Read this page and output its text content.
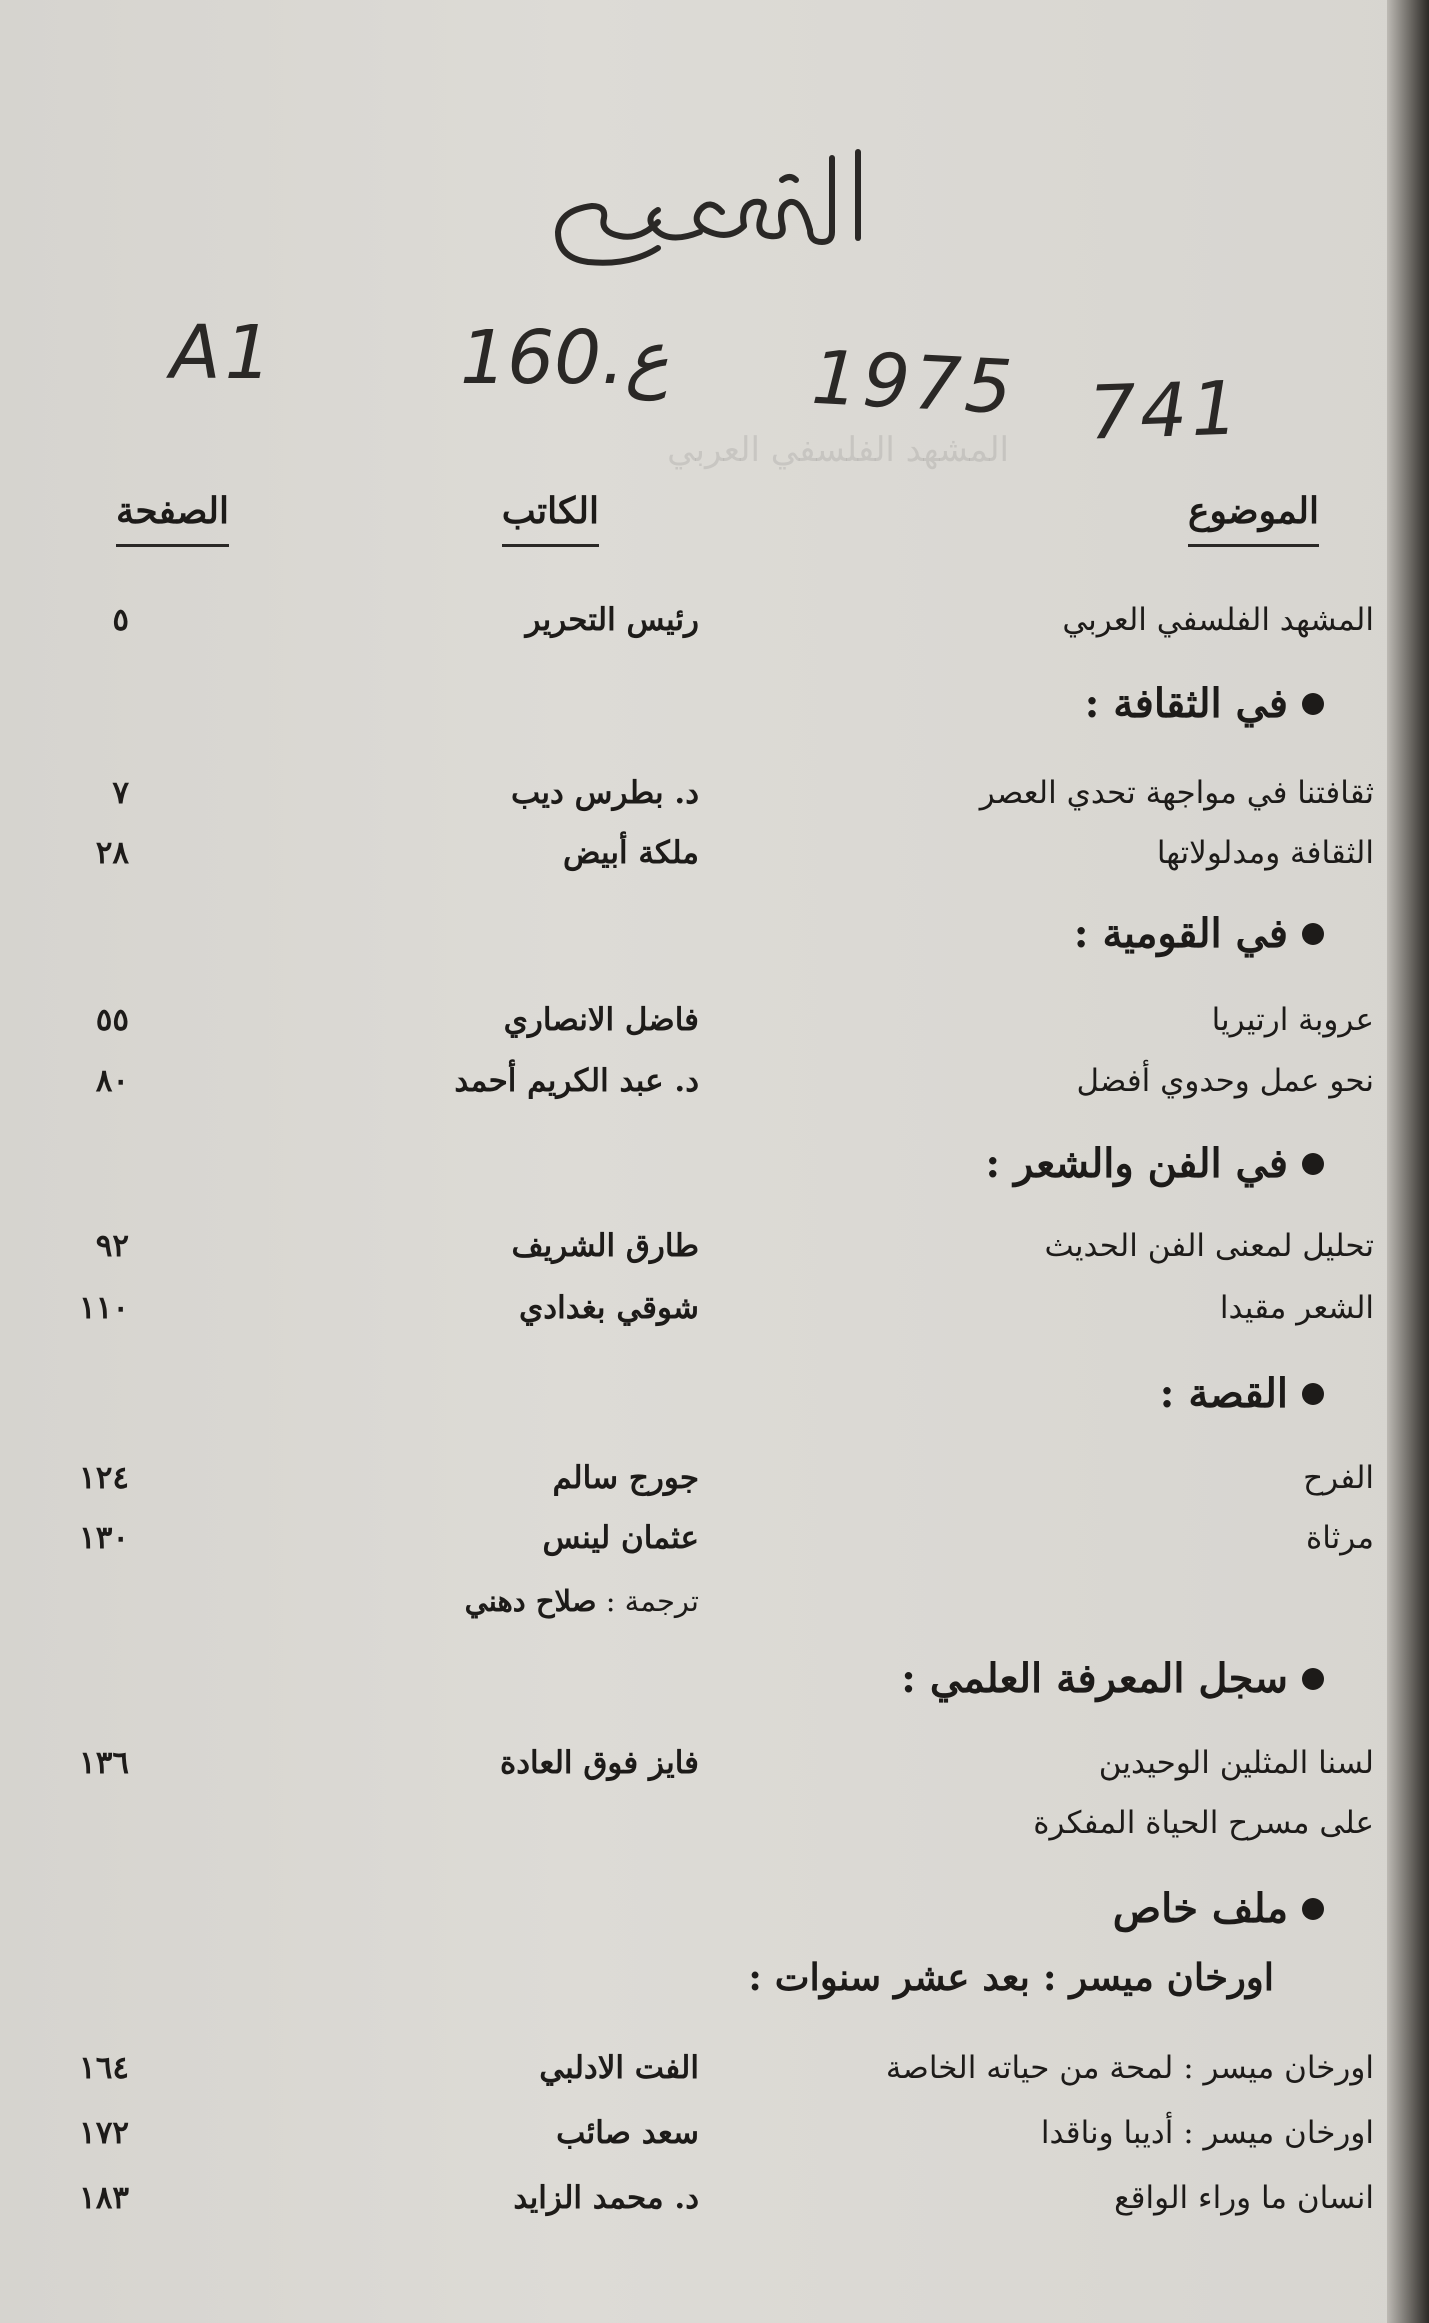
المشهد الفلسفي العربي
A1 160.ع 1975 741
الموضوع
الكاتب
الصفحة
المشهد الفلسفي العربي
رئيس التحرير
٥
في الثقافة :
ثقافتنا في مواجهة تحدي العصر
د. بطرس ديب
٧
الثقافة ومدلولاتها
ملكة أبيض
٢٨
في القومية :
عروبة ارتيريا
فاضل الانصاري
٥٥
نحو عمل وحدوي أفضل
د. عبد الكريم أحمد
٨٠
في الفن والشعر :
تحليل لمعنى الفن الحديث
طارق الشريف
٩٢
الشعر مقيدا
شوقي بغدادي
١١٠
القصة :
الفرح
جورج سالم
١٢٤
مرثاة
عثمان لينس
١٣٠
ترجمة : صلاح دهني
سجل المعرفة العلمي :
لسنا المثلين الوحيدين
فايز فوق العادة
١٣٦
على مسرح الحياة المفكرة
ملف خاص
اورخان ميسر : بعد عشر سنوات :
اورخان ميسر : لمحة من حياته الخاصة
الفت الادلبي
١٦٤
اورخان ميسر : أديبا وناقدا
سعد صائب
١٧٢
انسان ما وراء الواقع
د. محمد الزايد
١٨٣
